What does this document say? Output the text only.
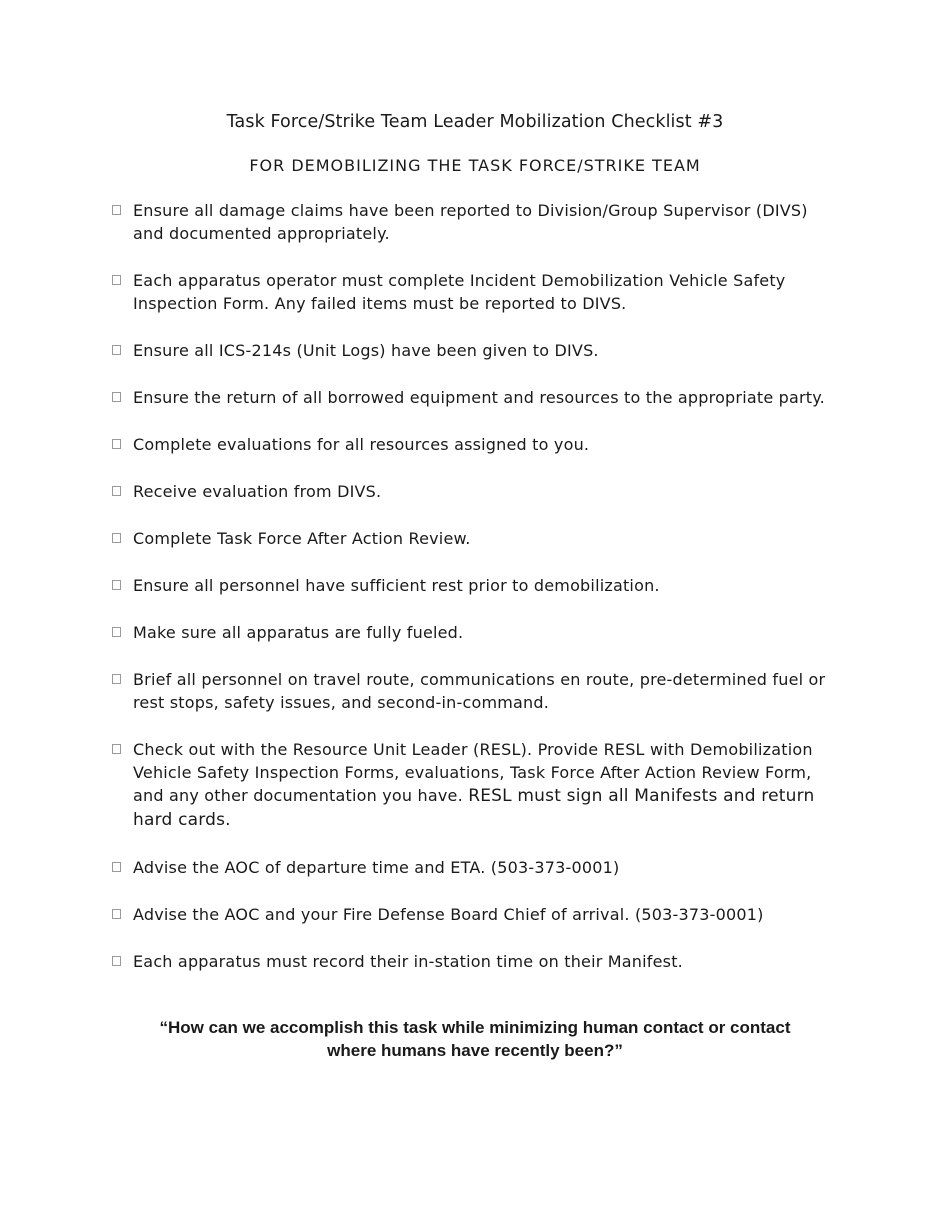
Task Force/Strike Team Leader Mobilization Checklist #3
FOR DEMOBILIZING THE TASK FORCE/STRIKE TEAM
Ensure all damage claims have been reported to Division/Group Supervisor (DIVS) and documented appropriately.
Each apparatus operator must complete Incident Demobilization Vehicle Safety Inspection Form. Any failed items must be reported to DIVS.
Ensure all ICS-214s (Unit Logs) have been given to DIVS.
Ensure the return of all borrowed equipment and resources to the appropriate party.
Complete evaluations for all resources assigned to you.
Receive evaluation from DIVS.
Complete Task Force After Action Review.
Ensure all personnel have sufficient rest prior to demobilization.
Make sure all apparatus are fully fueled.
Brief all personnel on travel route, communications en route, pre-determined fuel or rest stops, safety issues, and second-in-command.
Check out with the Resource Unit Leader (RESL). Provide RESL with Demobilization Vehicle Safety Inspection Forms, evaluations, Task Force After Action Review Form, and any other documentation you have. RESL must sign all Manifests and return hard cards.
Advise the AOC of departure time and ETA. (503-373-0001)
Advise the AOC and your Fire Defense Board Chief of arrival. (503-373-0001)
Each apparatus must record their in-station time on their Manifest.
“How can we accomplish this task while minimizing human contact or contact
where humans have recently been?”
